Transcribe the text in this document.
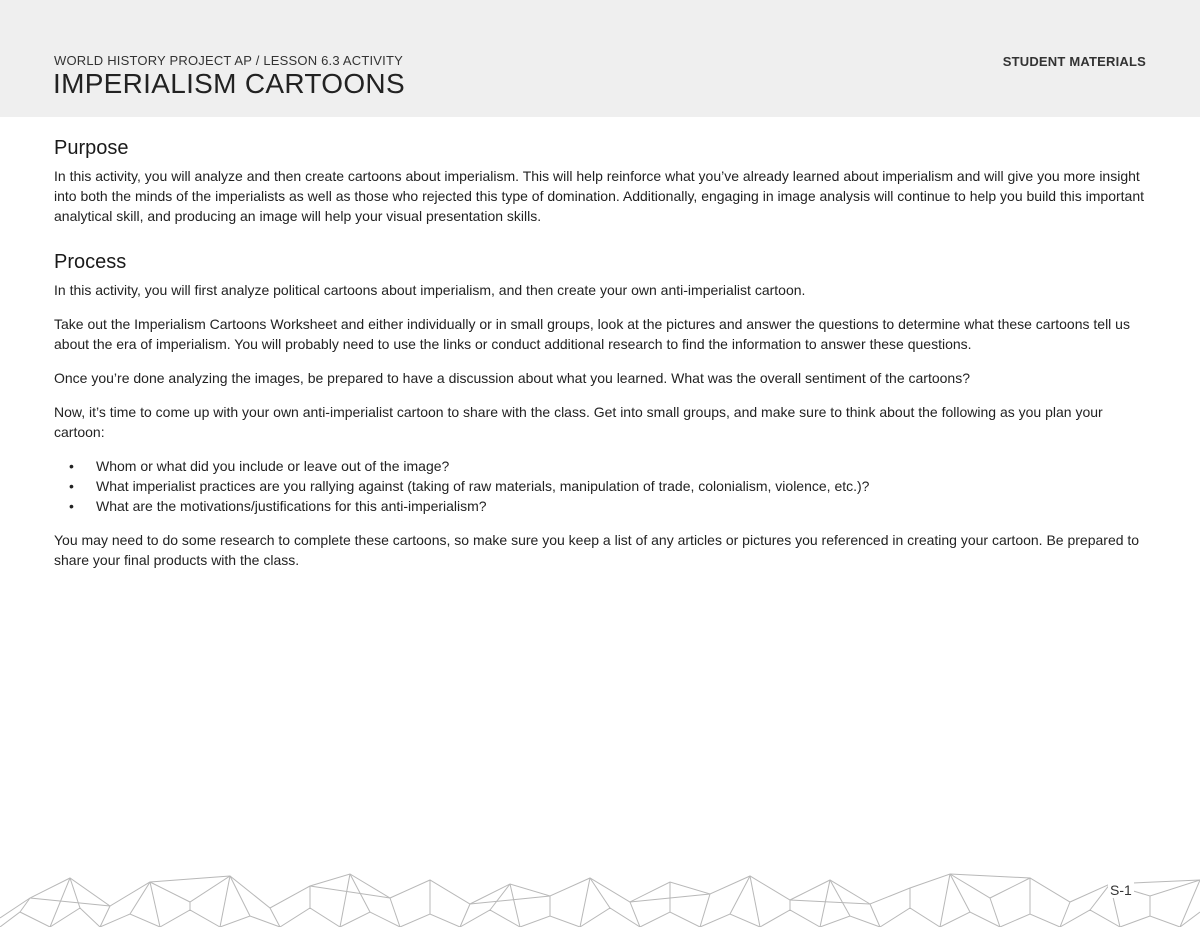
WORLD HISTORY PROJECT AP / LESSON 6.3 ACTIVITY
IMPERIALISM CARTOONS
STUDENT MATERIALS
Purpose

In this activity, you will analyze and then create cartoons about imperialism. This will help reinforce what you’ve already learned about imperialism and will give you more insight into both the minds of the imperialists as well as those who rejected this type of domination. Additionally, engaging in image analysis will continue to help you build this important analytical skill, and producing an image will help your visual presentation skills.

Process

In this activity, you will first analyze political cartoons about imperialism, and then create your own anti-imperialist cartoon.

Take out the Imperialism Cartoons Worksheet and either individually or in small groups, look at the pictures and answer the questions to determine what these cartoons tell us about the era of imperialism. You will probably need to use the links or conduct additional research to find the information to answer these questions.

Once you’re done analyzing the images, be prepared to have a discussion about what you learned. What was the overall sentiment of the cartoons?

Now, it’s time to come up with your own anti-imperialist cartoon to share with the class. Get into small groups, and make sure to think about the following as you plan your cartoon:

• Whom or what did you include or leave out of the image?
• What imperialist practices are you rallying against (taking of raw materials, manipulation of trade, colonialism, violence, etc.)?
• What are the motivations/justifications for this anti-imperialism?

You may need to do some research to complete these cartoons, so make sure you keep a list of any articles or pictures you referenced in creating your cartoon. Be prepared to share your final products with the class.

S-1
